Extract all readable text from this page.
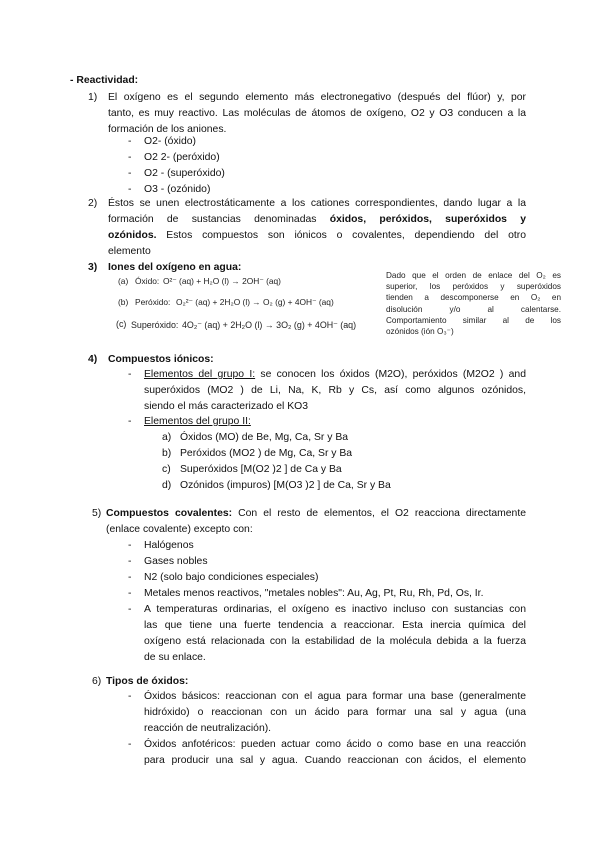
- Reactividad:
1) El oxígeno es el segundo elemento más electronegativo (después del flúor) y, por
tanto, es muy reactivo. Las moléculas de átomos de oxígeno, O2 y O3 conducen a la
formación de los aniones.
- O2- (óxido)
- O2 2- (peróxido)
- O2 - (superóxido)
- O3 - (ozónido)
2) Éstos se unen electrostáticamente a los cationes correspondientes, dando lugar a la
formación de sustancias denominadas óxidos, peróxidos, superóxidos y
ozónidos. Estos compuestos son iónicos o covalentes, dependiendo del otro
elemento
3) Iones del oxígeno en agua:
(a) Óxido: O²⁻ (aq) + H₂O (l) → 2OH⁻ (aq)
(b) Peróxido: O₂²⁻ (aq) + 2H₂O (l) → O₂ (g) + 4OH⁻ (aq)
(c) Superóxido: 4O₂⁻ (aq) + 2H₂O (l) → 3O₂ (g) + 4OH⁻ (aq)
Dado que el orden de enlace del O₂ es
superior, los peróxidos y superóxidos
tienden a descomponerse en O₂ en
disolución y/o al calentarse.
Comportamiento similar al de los
ozónidos (ión O₃⁻)
4) Compuestos iónicos:
- Elementos del grupo I: se conocen los óxidos (M2O), peróxidos (M2O2 ) and
superóxidos (MO2 ) de Li, Na, K, Rb y Cs, así como algunos ozónidos,
siendo el más caracterizado el KO3
- Elementos del grupo II:
a) Óxidos (MO) de Be, Mg, Ca, Sr y Ba
b) Peróxidos (MO2 ) de Mg, Ca, Sr y Ba
c) Superóxidos [M(O2 )2 ] de Ca y Ba
d) Ozónidos (impuros) [M(O3 )2 ] de Ca, Sr y Ba
5) Compuestos covalentes: Con el resto de elementos, el O2 reacciona directamente
(enlace covalente) excepto con:
- Halógenos
- Gases nobles
- N2 (solo bajo condiciones especiales)
- Metales menos reactivos, "metales nobles": Au, Ag, Pt, Ru, Rh, Pd, Os, Ir.
- A temperaturas ordinarias, el oxígeno es inactivo incluso con sustancias con
las que tiene una fuerte tendencia a reaccionar. Esta inercia química del
oxígeno está relacionada con la estabilidad de la molécula debida a la fuerza
de su enlace.
6) Tipos de óxidos:
- Óxidos básicos: reaccionan con el agua para formar una base (generalmente
hidróxido) o reaccionan con un ácido para formar una sal y agua (una
reacción de neutralización).
- Óxidos anfotéricos: pueden actuar como ácido o como base en una reacción
para producir una sal y agua. Cuando reaccionan con ácidos, el elemento
